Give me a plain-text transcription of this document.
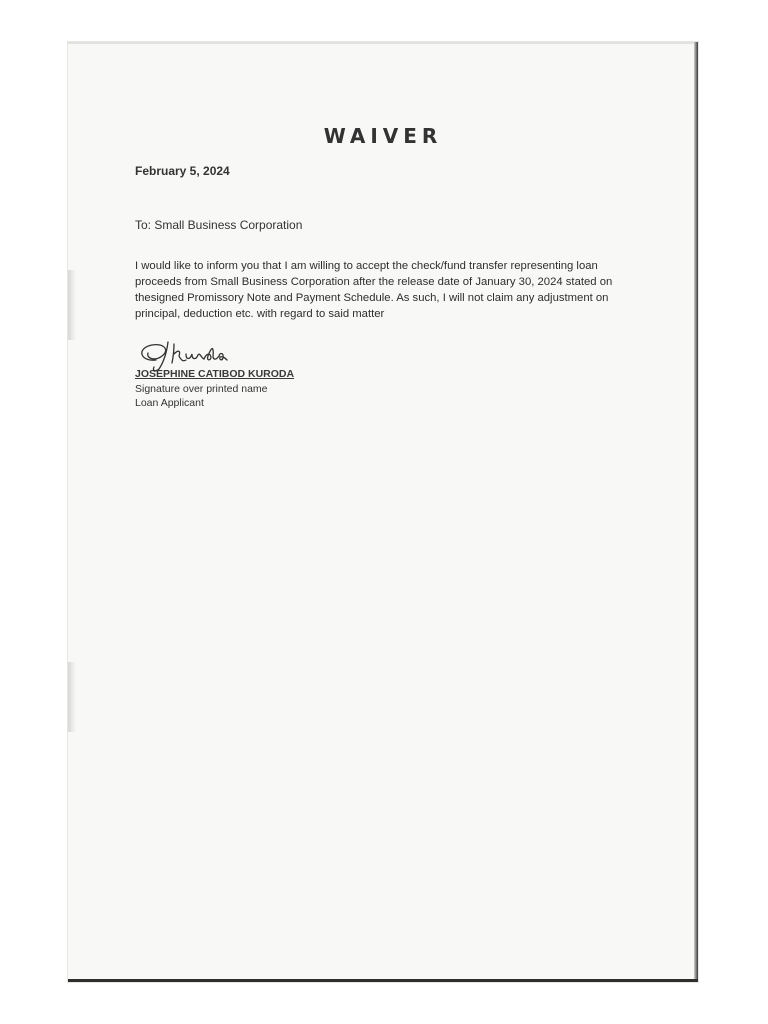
WAIVER
February 5, 2024
To: Small Business Corporation
I would like to inform you that I am willing to accept the check/fund transfer representing loan
proceeds from Small Business Corporation after the release date of January 30, 2024 stated on
thesigned Promissory Note and Payment Schedule. As such, I will not claim any adjustment on
principal, deduction etc. with regard to said matter
JOSEPHINE CATIBOD KURODA
Signature over printed name
Loan Applicant
